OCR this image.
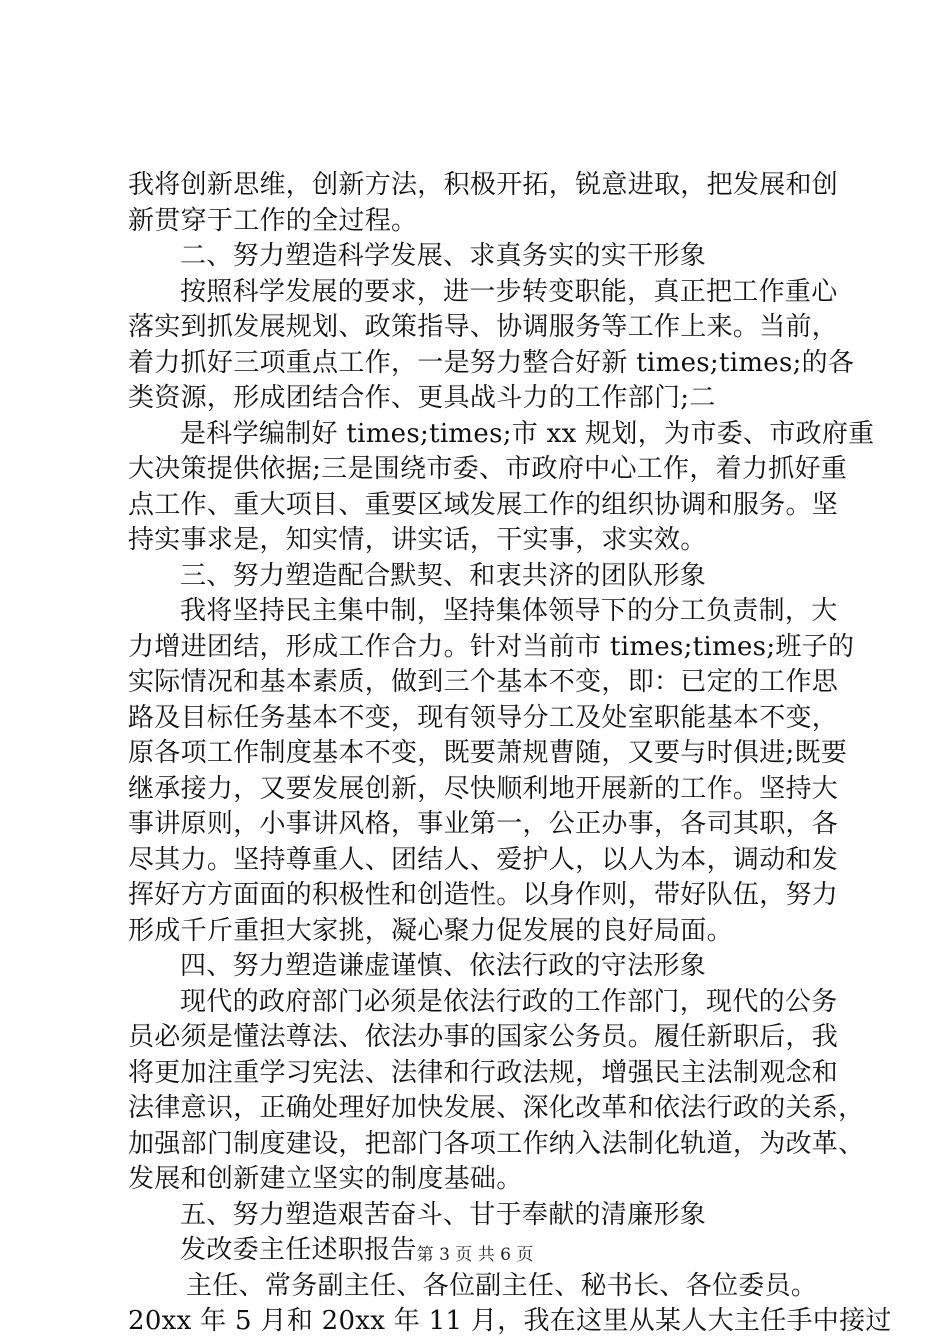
我将创新思维，创新方法，积极开拓，锐意进取，把发展和创
新贯穿于工作的全过程。
二、努力塑造科学发展、求真务实的实干形象
按照科学发展的要求，进一步转变职能，真正把工作重心
落实到抓发展规划、政策指导、协调服务等工作上来。当前，
着力抓好三项重点工作，一是努力整合好新 times;times;的各
类资源，形成团结合作、更具战斗力的工作部门;二
是科学编制好 times;times;市 xx 规划，为市委、市政府重
大决策提供依据;三是围绕市委、市政府中心工作，着力抓好重
点工作、重大项目、重要区域发展工作的组织协调和服务。坚
持实事求是，知实情，讲实话，干实事，求实效。
三、努力塑造配合默契、和衷共济的团队形象
我将坚持民主集中制，坚持集体领导下的分工负责制，大
力增进团结，形成工作合力。针对当前市 times;times;班子的
实际情况和基本素质，做到三个基本不变，即：已定的工作思
路及目标任务基本不变，现有领导分工及处室职能基本不变，
原各项工作制度基本不变，既要萧规曹随，又要与时俱进;既要
继承接力，又要发展创新，尽快顺利地开展新的工作。坚持大
事讲原则，小事讲风格，事业第一，公正办事，各司其职，各
尽其力。坚持尊重人、团结人、爱护人，以人为本，调动和发
挥好方方面面的积极性和创造性。以身作则，带好队伍，努力
形成千斤重担大家挑，凝心聚力促发展的良好局面。
四、努力塑造谦虚谨慎、依法行政的守法形象
现代的政府部门必须是依法行政的工作部门，现代的公务
员必须是懂法尊法、依法办事的国家公务员。履任新职后，我
将更加注重学习宪法、法律和行政法规，增强民主法制观念和
法律意识，正确处理好加快发展、深化改革和依法行政的关系，
加强部门制度建设，把部门各项工作纳入法制化轨道，为改革、
发展和创新建立坚实的制度基础。
五、努力塑造艰苦奋斗、甘于奉献的清廉形象
发改委主任述职报告
主任、常务副主任、各位副主任、秘书长、各位委员。
20xx 年 5 月和 20xx 年 11 月，我在这里从某人大主任手中接过
第 3 页 共 6 页
